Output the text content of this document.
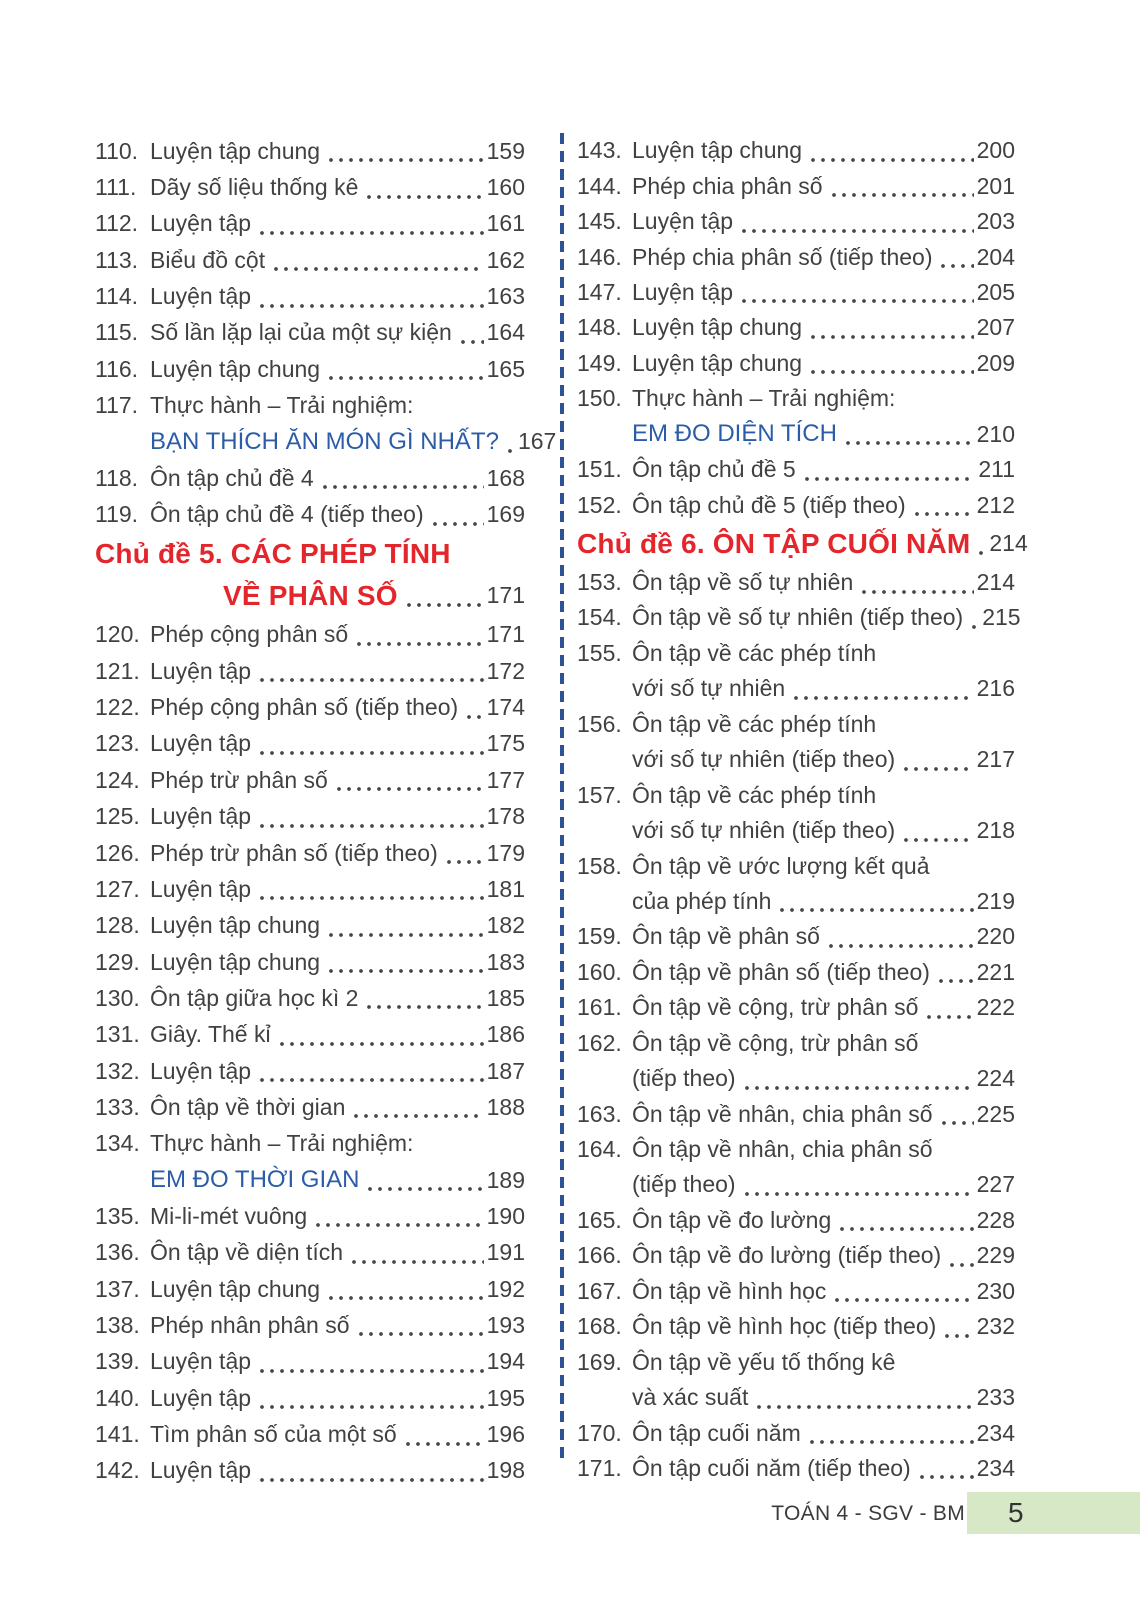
110. Luyện tập chung	159
111. Dãy số liệu thống kê	160
112. Luyện tập	161
113. Biểu đồ cột	162
114. Luyện tập	163
115. Số lần lặp lại của một sự kiện 164
116. Luyện tập chung	165
117. Thực hành – Trải nghiệm:
BẠN THÍCH ĂN MÓN GÌ NHẤT? 167
118. Ôn tập chủ đề 4	168
119. Ôn tập chủ đề 4 (tiếp theo)	169
Chủ đề 5. CÁC PHÉP TÍNH
VỀ PHÂN SỐ	171
120. Phép cộng phân số	171
121. Luyện tập	172
122. Phép cộng phân số (tiếp theo) 174
123. Luyện tập	175
124. Phép trừ phân số	177
125. Luyện tập	178
126. Phép trừ phân số (tiếp theo) 179
127. Luyện tập	181
128. Luyện tập chung	182
129. Luyện tập chung	183
130. Ôn tập giữa học kì 2	185
131. Giây. Thế kỉ	186
132. Luyện tập	187
133. Ôn tập về thời gian	188
134. Thực hành – Trải nghiệm:
EM ĐO THỜI GIAN	189
135. Mi-li-mét vuông	190
136. Ôn tập về diện tích	191
137. Luyện tập chung	192
138. Phép nhân phân số	193
139. Luyện tập	194
140. Luyện tập	195
141. Tìm phân số của một số	196
142. Luyện tập	198
143. Luyện tập chung	200
144. Phép chia phân số	201
145. Luyện tập	203
146. Phép chia phân số (tiếp theo) 204
147. Luyện tập	205
148. Luyện tập chung	207
149. Luyện tập chung	209
150. Thực hành – Trải nghiệm:
EM ĐO DIỆN TÍCH	210
151. Ôn tập chủ đề 5	211
152. Ôn tập chủ đề 5 (tiếp theo)	212
Chủ đề 6. ÔN TẬP CUỐI NĂM 214
153. Ôn tập về số tự nhiên	214
154. Ôn tập về số tự nhiên (tiếp theo) 215
155. Ôn tập về các phép tính
với số tự nhiên	216
156. Ôn tập về các phép tính
với số tự nhiên (tiếp theo)	217
157. Ôn tập về các phép tính
với số tự nhiên (tiếp theo)	218
158. Ôn tập về ước lượng kết quả
của phép tính	219
159. Ôn tập về phân số	220
160. Ôn tập về phân số (tiếp theo) 221
161. Ôn tập về cộng, trừ phân số	222
162. Ôn tập về cộng, trừ phân số
(tiếp theo)	224
163. Ôn tập về nhân, chia phân số 225
164. Ôn tập về nhân, chia phân số
(tiếp theo)	227
165. Ôn tập về đo lường	228
166. Ôn tập về đo lường (tiếp theo) 229
167. Ôn tập về hình học	230
168. Ôn tập về hình học (tiếp theo) 232
169. Ôn tập về yếu tố thống kê
và xác suất	233
170. Ôn tập cuối năm	234
171. Ôn tập cuối năm (tiếp theo)	234
TOÁN 4 - SGV - BM	5
